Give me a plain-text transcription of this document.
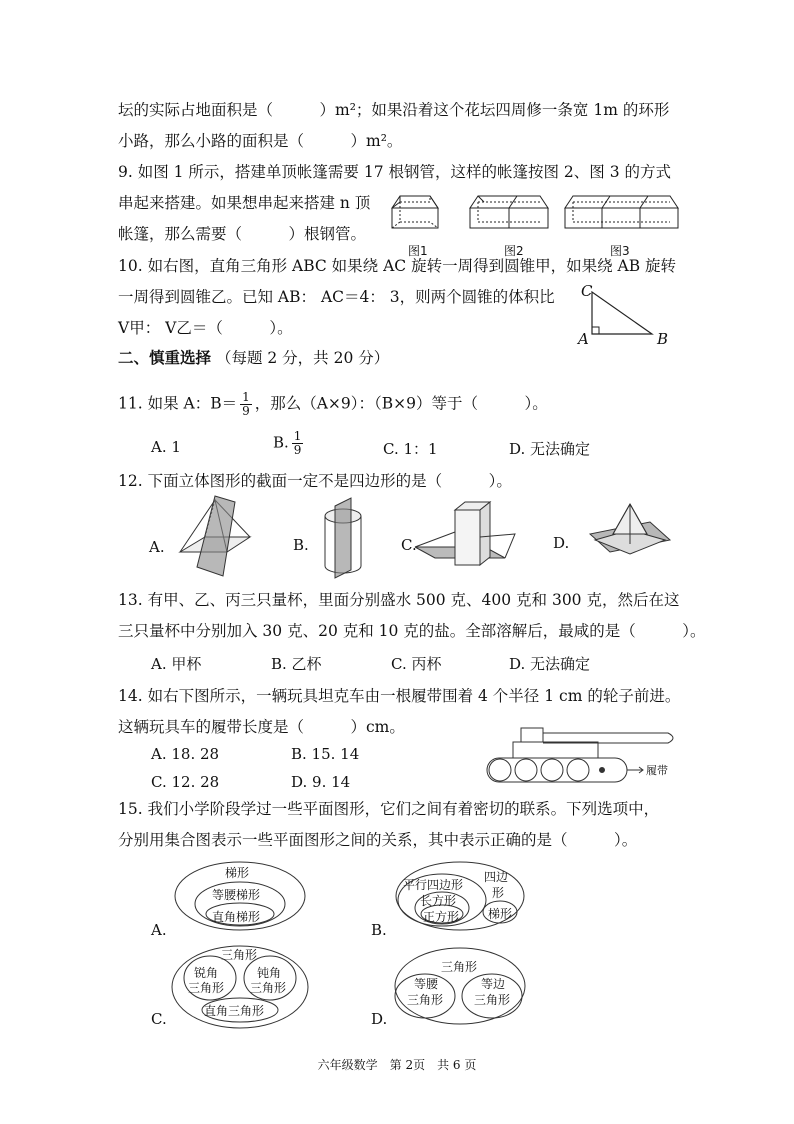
坛的实际占地面积是（　　　）m²；如果沿着这个花坛四周修一条宽 1m 的环形
小路，那么小路的面积是（　　　）m²。
9. 如图 1 所示，搭建单顶帐篷需要 17 根钢管，这样的帐篷按图 2、图 3 的方式
串起来搭建。如果想串起来搭建 n 顶
帐篷，那么需要（　　　）根钢管。
图1	图2	图3
10. 如右图，直角三角形 ABC 如果绕 AC 旋转一周得到圆锥甲，如果绕 AB 旋转
一周得到圆锥乙。已知 AB： AC＝4： 3，则两个圆锥的体积比
V甲： V乙＝（　　　）。
C
A	B
二、慎重选择 （每题 2 分，共 20 分）
11. 如果 A：$B= \frac{1}{9}$ ，那么（A×9）：（B×9）等于（　　　）。
A. 1	B. $\frac{1}{9}$	C. 1：1	D. 无法确定
12. 下面立体图形的截面一定不是四边形的是（　　　）。
A.	B.	C.	D.
13. 有甲、乙、丙三只量杯，里面分别盛水 500 克、400 克和 300 克，然后在这
三只量杯中分别加入 30 克、20 克和 10 克的盐。全部溶解后，最咸的是（　　　）。
A. 甲杯	B. 乙杯	C. 丙杯	D. 无法确定
14. 如右下图所示，一辆玩具坦克车由一根履带围着 4 个半径 1 cm 的轮子前进。
这辆玩具车的履带长度是（　　　）cm。
A. 18. 28	B. 15. 14
C. 12. 28	D. 9. 14
履带
15. 我们小学阶段学过一些平面图形，它们之间有着密切的联系。下列选项中，
分别用集合图表示一些平面图形之间的关系，其中表示正确的是（　　　）。
A.	B.
C.	D.
梯形
等腰梯形
直角梯形
平行四边形
长方形
正方形
四边
形
梯形
三角形
锐角
三角形
钝角
三角形
直角三角形
三角形
等腰
三角形
等边
三角形
六年级数学　第 2页　共 6 页
